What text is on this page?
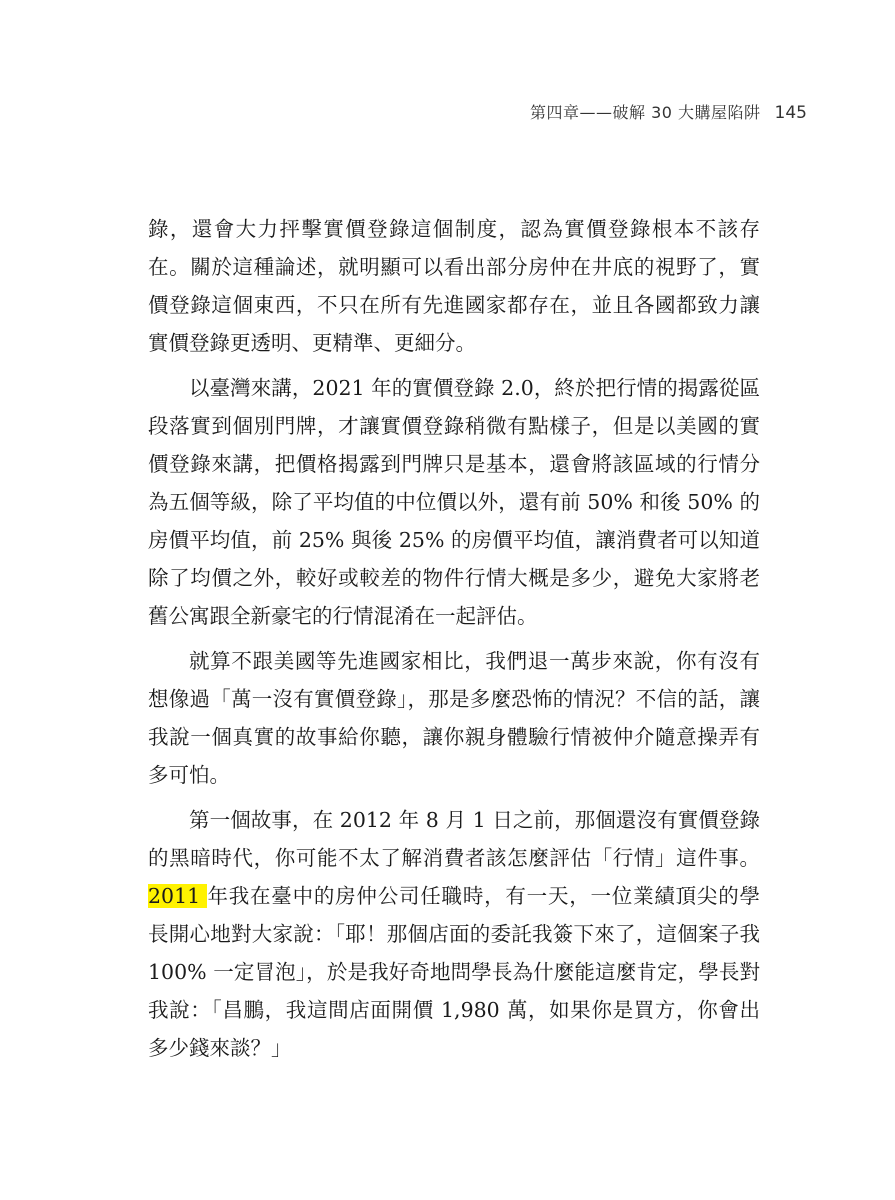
第四章——破解 30 大購屋陷阱 145

錄，還會大力抨擊實價登錄這個制度，認為實價登錄根本不該存在。關於這種論述，就明顯可以看出部分房仲在井底的視野了，實價登錄這個東西，不只在所有先進國家都存在，並且各國都致力讓實價登錄更透明、更精準、更細分。

以臺灣來講，2021 年的實價登錄 2.0，終於把行情的揭露從區段落實到個別門牌，才讓實價登錄稍微有點樣子，但是以美國的實價登錄來講，把價格揭露到門牌只是基本，還會將該區域的行情分為五個等級，除了平均值的中位價以外，還有前 50% 和後 50% 的房價平均值，前 25% 與後 25% 的房價平均值，讓消費者可以知道除了均價之外，較好或較差的物件行情大概是多少，避免大家將老舊公寓跟全新豪宅的行情混淆在一起評估。

就算不跟美國等先進國家相比，我們退一萬步來說，你有沒有想像過「萬一沒有實價登錄」，那是多麼恐怖的情況？不信的話，讓我說一個真實的故事給你聽，讓你親身體驗行情被仲介隨意操弄有多可怕。

第一個故事，在 2012 年 8 月 1 日之前，那個還沒有實價登錄的黑暗時代，你可能不太了解消費者該怎麼評估「行情」這件事。2011 年我在臺中的房仲公司任職時，有一天，一位業績頂尖的學長開心地對大家說：「耶！那個店面的委託我簽下來了，這個案子我 100% 一定冒泡」，於是我好奇地問學長為什麼能這麼肯定，學長對我說：「昌鵬，我這間店面開價 1,980 萬，如果你是買方，你會出多少錢來談？」
